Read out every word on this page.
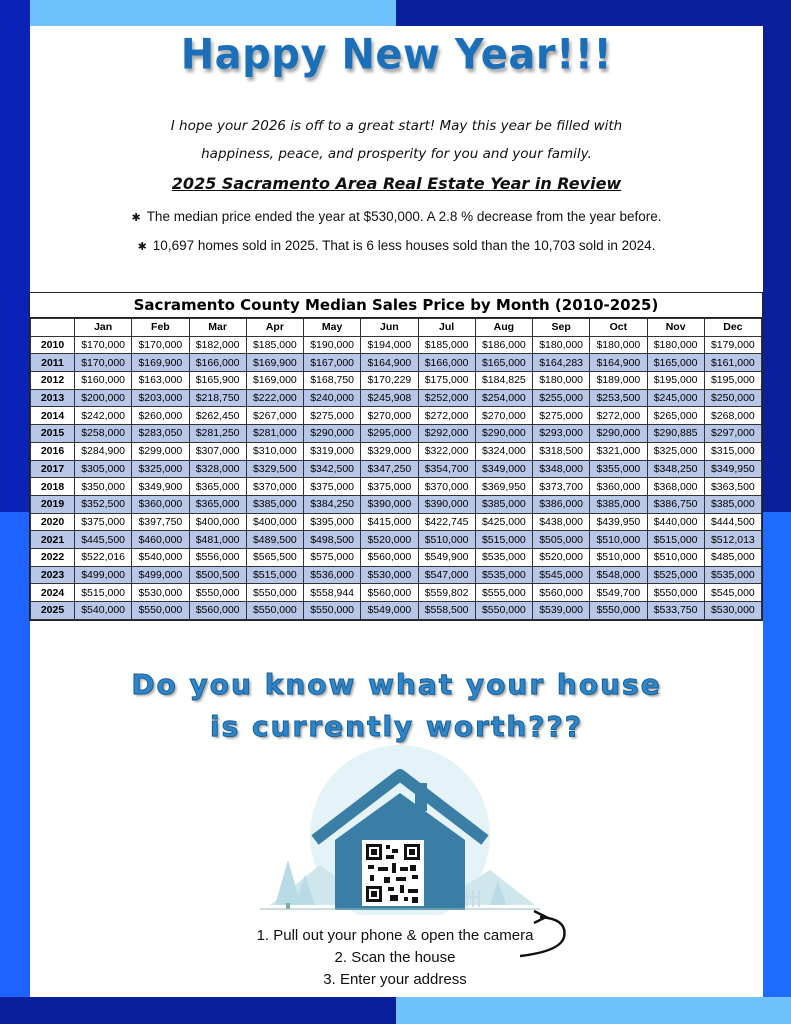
Happy New Year!!!
I hope your 2026 is off to a great start! May this year be filled with
happiness, peace, and prosperity for you and your family.
2025 Sacramento Area Real Estate Year in Review
✱ The median price ended the year at $530,000. A 2.8 % decrease from the year before.
✱ 10,697 homes sold in 2025. That is 6 less houses sold than the 10,703 sold in 2024.
Sacramento County Median Sales Price by Month (2010-2025)
	Jan	Feb	Mar	Apr	May	Jun	Jul	Aug	Sep	Oct	Nov	Dec
2010	$170,000	$170,000	$182,000	$185,000	$190,000	$194,000	$185,000	$186,000	$180,000	$180,000	$180,000	$179,000
2011	$170,000	$169,900	$166,000	$169,900	$167,000	$164,900	$166,000	$165,000	$164,283	$164,900	$165,000	$161,000
2012	$160,000	$163,000	$165,900	$169,000	$168,750	$170,229	$175,000	$184,825	$180,000	$189,000	$195,000	$195,000
2013	$200,000	$203,000	$218,750	$222,000	$240,000	$245,908	$252,000	$254,000	$255,000	$253,500	$245,000	$250,000
2014	$242,000	$260,000	$262,450	$267,000	$275,000	$270,000	$272,000	$270,000	$275,000	$272,000	$265,000	$268,000
2015	$258,000	$283,050	$281,250	$281,000	$290,000	$295,000	$292,000	$290,000	$293,000	$290,000	$290,885	$297,000
2016	$284,900	$299,000	$307,000	$310,000	$319,000	$329,000	$322,000	$324,000	$318,500	$321,000	$325,000	$315,000
2017	$305,000	$325,000	$328,000	$329,500	$342,500	$347,250	$354,700	$349,000	$348,000	$355,000	$348,250	$349,950
2018	$350,000	$349,900	$365,000	$370,000	$375,000	$375,000	$370,000	$369,950	$373,700	$360,000	$368,000	$363,500
2019	$352,500	$360,000	$365,000	$385,000	$384,250	$390,000	$390,000	$385,000	$386,000	$385,000	$386,750	$385,000
2020	$375,000	$397,750	$400,000	$400,000	$395,000	$415,000	$422,745	$425,000	$438,000	$439,950	$440,000	$444,500
2021	$445,500	$460,000	$481,000	$489,500	$498,500	$520,000	$510,000	$515,000	$505,000	$510,000	$515,000	$512,013
2022	$522,016	$540,000	$556,000	$565,500	$575,000	$560,000	$549,900	$535,000	$520,000	$510,000	$510,000	$485,000
2023	$499,000	$499,000	$500,500	$515,000	$536,000	$530,000	$547,000	$535,000	$545,000	$548,000	$525,000	$535,000
2024	$515,000	$530,000	$550,000	$550,000	$558,944	$560,000	$559,802	$555,000	$560,000	$549,700	$550,000	$545,000
2025	$540,000	$550,000	$560,000	$550,000	$550,000	$549,000	$558,500	$550,000	$539,000	$550,000	$533,750	$530,000
Do you know what your house
is currently worth???
1. Pull out your phone & open the camera
2. Scan the house
3. Enter your address
